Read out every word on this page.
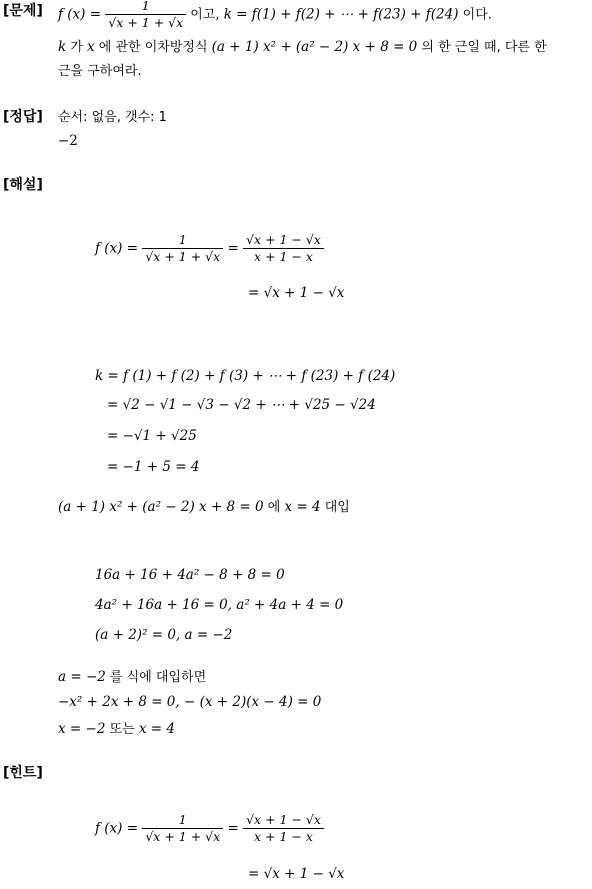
[문제] f $(x) = \frac{1}{√x + 1 + √x}$ 이고, k = f(1) + f(2) + ⋯ + f(23) + f(24) 이다.
k 가 x 에 관한 이차방정식 (a + 1) x² + (a² − 2) x + 8 = 0 의 한 근일 때, 다른 한
근을 구하여라.
[정답] 순서: 없음, 갯수: 1
−2
[해설]
f $(x) = \frac{1}{√x + 1 + √x} = \frac{√x + 1 - √x}{x + 1 - x}$
= √x + 1 − √x
k = f (1) + f (2) + f (3) + ⋯ + f (23) + f (24)
= √2 − √1 − √3 − √2 + ⋯ + √25 − √24
= −√1 + √25
= −1 + 5 = 4
(a + 1) x² + (a² − 2) x + 8 = 0 에 x = 4 대입
16a + 16 + 4a² − 8 + 8 = 0
4a² + 16a + 16 = 0, a² + 4a + 4 = 0
(a + 2)² = 0, a = −2
a = −2 를 식에 대입하면
−x² + 2x + 8 = 0, − (x + 2)(x − 4) = 0
x = −2 또는 x = 4
[힌트]
f $(x) = \frac{1}{√x + 1 + √x} = \frac{√x + 1 - √x}{x + 1 - x}$
= √x + 1 − √x
